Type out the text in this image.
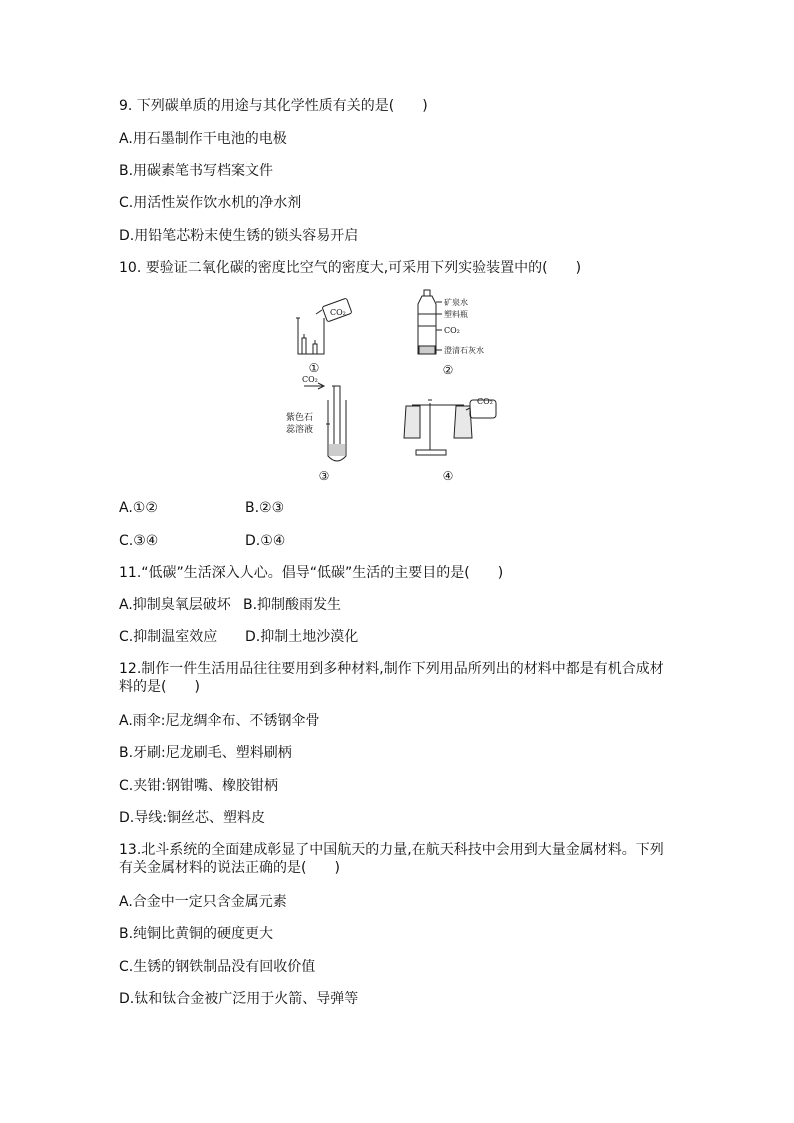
9. 下列碳单质的用途与其化学性质有关的是(　　)
A.用石墨制作干电池的电极
B.用碳素笔书写档案文件
C.用活性炭作饮水机的净水剂
D.用铅笔芯粉末使生锈的锁头容易开启
10. 要验证二氧化碳的密度比空气的密度大,可采用下列实验装置中的(　　)
CO₂
①
矿泉水
塑料瓶
CO₂
澄清石灰水
②
CO₂
紫色石
蕊溶液
③
CO₂
④
A.①②	B.②③
C.③④	D.①④
11.“低碳”生活深入人心。倡导“低碳”生活的主要目的是(　　)
A.抑制臭氧层破坏 B.抑制酸雨发生
C.抑制温室效应 D.抑制土地沙漠化
12.制作一件生活用品往往要用到多种材料,制作下列用品所列出的材料中都是有机合成材料的是(　　)
A.雨伞:尼龙绸伞布、不锈钢伞骨
B.牙刷:尼龙刷毛、塑料刷柄
C.夹钳:钢钳嘴、橡胶钳柄
D.导线:铜丝芯、塑料皮
13.北斗系统的全面建成彰显了中国航天的力量,在航天科技中会用到大量金属材料。下列有关金属材料的说法正确的是(　　)
A.合金中一定只含金属元素
B.纯铜比黄铜的硬度更大
C.生锈的钢铁制品没有回收价值
D.钛和钛合金被广泛用于火箭、导弹等
